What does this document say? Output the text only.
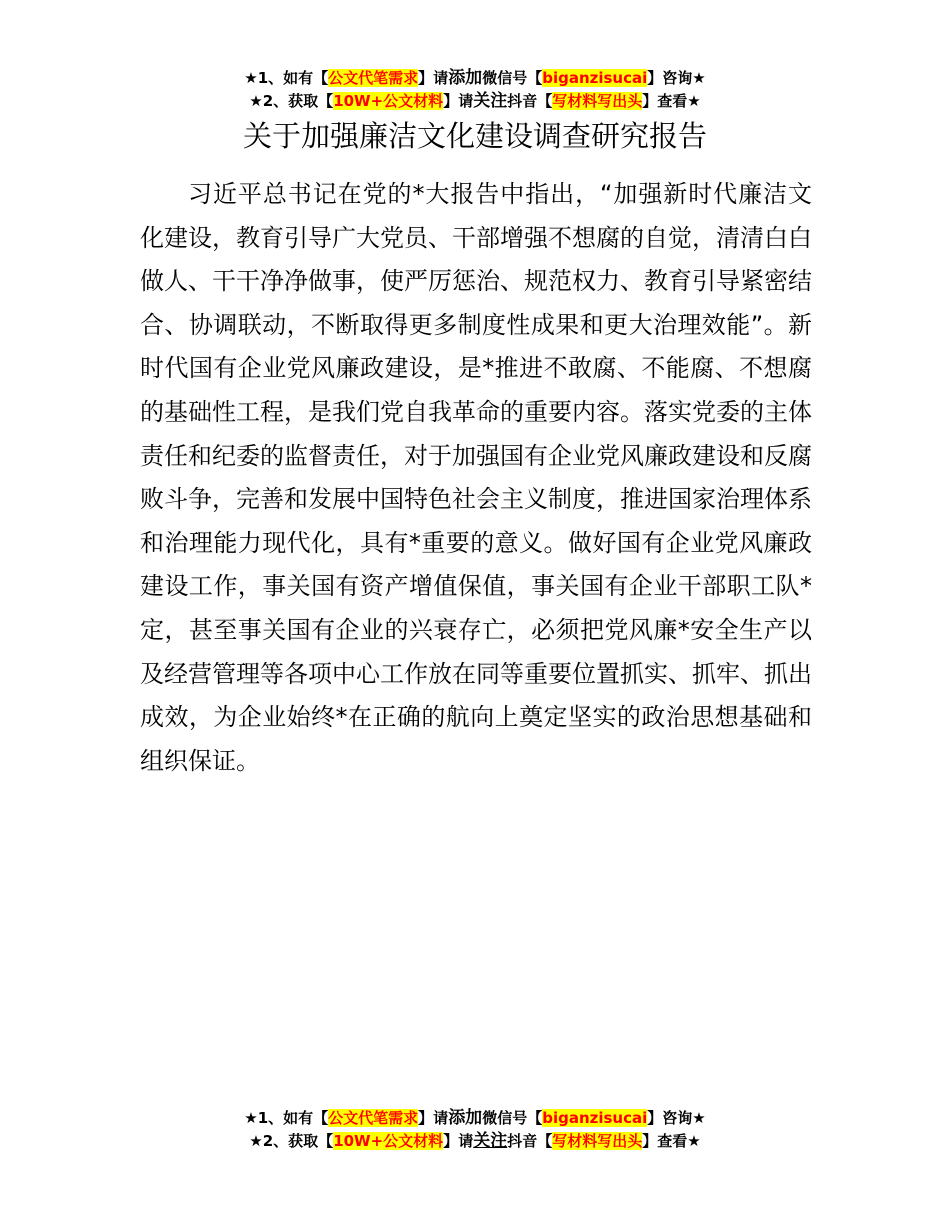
★1、如有【公文代笔需求】请添加微信号【biganzisucai】咨询★
★2、获取【10W+公文材料】请关注抖音【写材料写出头】查看★
关于加强廉洁文化建设调查研究报告

习近平总书记在党的*大报告中指出，“加强新时代廉洁文化建设，教育引导广大党员、干部增强不想腐的自觉，清清白白做人、干干净净做事，使严厉惩治、规范权力、教育引导紧密结合、协调联动，不断取得更多制度性成果和更大治理效能”。新时代国有企业党风廉政建设，是*推进不敢腐、不能腐、不想腐的基础性工程，是我们党自我革命的重要内容。落实党委的主体责任和纪委的监督责任，对于加强国有企业党风廉政建设和反腐败斗争，完善和发展中国特色社会主义制度，推进国家治理体系和治理能力现代化，具有*重要的意义。做好国有企业党风廉政建设工作，事关国有资产增值保值，事关国有企业干部职工队*定，甚至事关国有企业的兴衰存亡，必须把党风廉*安全生产以及经营管理等各项中心工作放在同等重要位置抓实、抓牢、抓出成效，为企业始终*在正确的航向上奠定坚实的政治思想基础和组织保证。

★1、如有【公文代笔需求】请添加微信号【biganzisucai】咨询★
★2、获取【10W+公文材料】请关注抖音【写材料写出头】查看★
